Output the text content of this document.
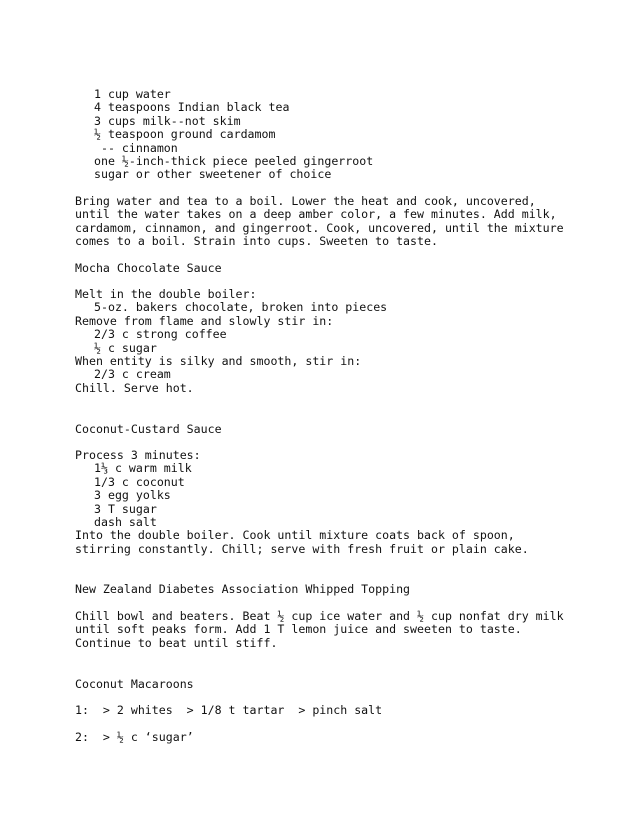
1 cup water
4 teaspoons Indian black tea
3 cups milk--not skim
½ teaspoon ground cardamom
-- cinnamon
one ½-inch-thick piece peeled gingerroot
sugar or other sweetener of choice
Bring water and tea to a boil. Lower the heat and cook, uncovered,
until the water takes on a deep amber color, a few minutes. Add milk,
cardamom, cinnamon, and gingerroot. Cook, uncovered, until the mixture
comes to a boil. Strain into cups. Sweeten to taste.
Mocha Chocolate Sauce
Melt in the double boiler:
5-oz. bakers chocolate, broken into pieces
Remove from flame and slowly stir in:
2/3 c strong coffee
½ c sugar
When entity is silky and smooth, stir in:
2/3 c cream
Chill. Serve hot.
Coconut-Custard Sauce
Process 3 minutes:
1⅓ c warm milk
1/3 c coconut
3 egg yolks
3 T sugar
dash salt
Into the double boiler. Cook until mixture coats back of spoon,
stirring constantly. Chill; serve with fresh fruit or plain cake.
New Zealand Diabetes Association Whipped Topping
Chill bowl and beaters. Beat ½ cup ice water and ½ cup nonfat dry milk
until soft peaks form. Add 1 T lemon juice and sweeten to taste.
Continue to beat until stiff.
Coconut Macaroons
1:  > 2 whites  > 1/8 t tartar  > pinch salt
2:  > ½ c ‘sugar’
